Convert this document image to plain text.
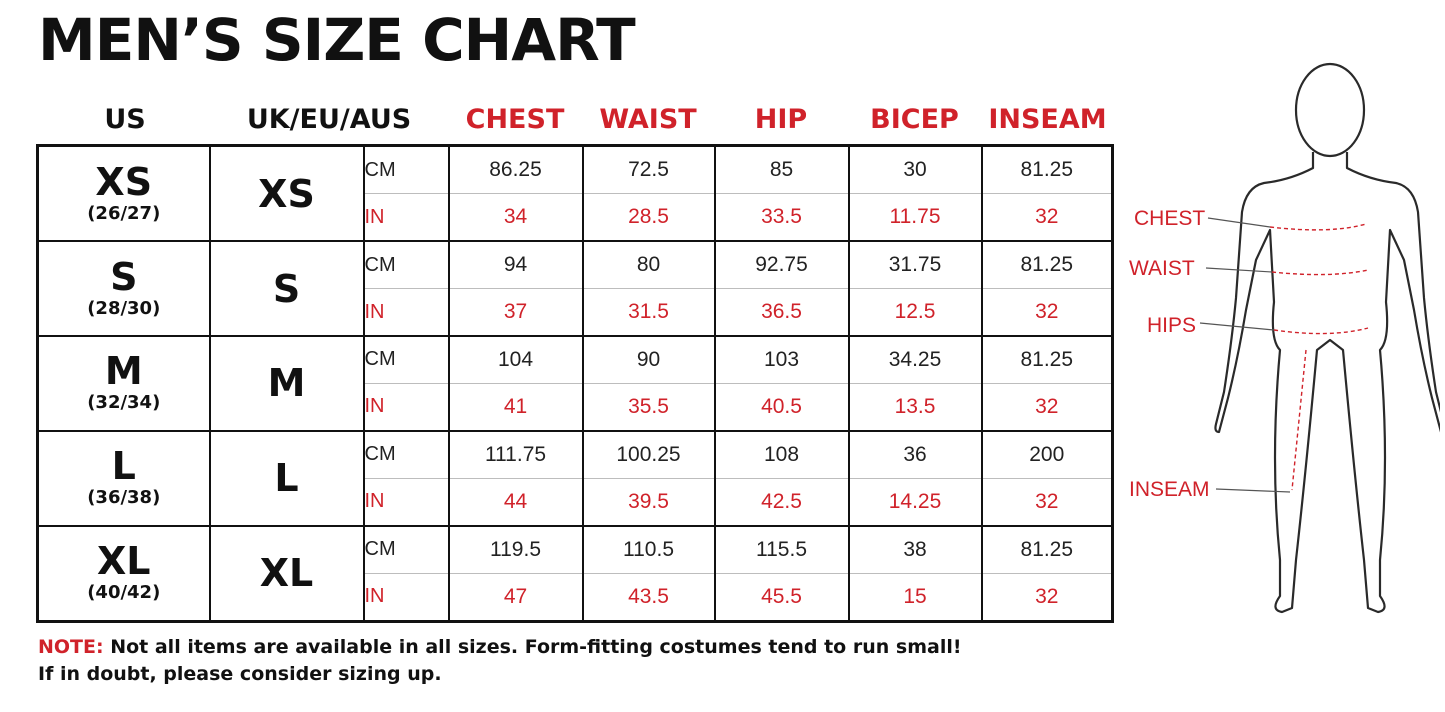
MEN’S SIZE CHART
US	UK/EU/AUS	CHEST	WAIST	HIP	BICEP	INSEAM
XS
(26/27)	XS	CM	86.25	72.5	85	30	81.25
		IN	34	28.5	33.5	11.75	32

S
(28/30)	S	CM	94	80	92.75	31.75	81.25
		IN	37	31.5	36.5	12.5	32

M
(32/34)	M	CM	104	90	103	34.25	81.25
		IN	41	35.5	40.5	13.5	32

L
(36/38)	L	CM	111.75	100.25	108	36	200
		IN	44	39.5	42.5	14.25	32

XL
(40/42)	XL	CM	119.5	110.5	115.5	38	81.25
		IN	47	43.5	45.5	15	32
NOTE: Not all items are available in all sizes. Form-fitting costumes tend to run small!
If in doubt, please consider sizing up.
CHEST
WAIST
HIPS
INSEAM
